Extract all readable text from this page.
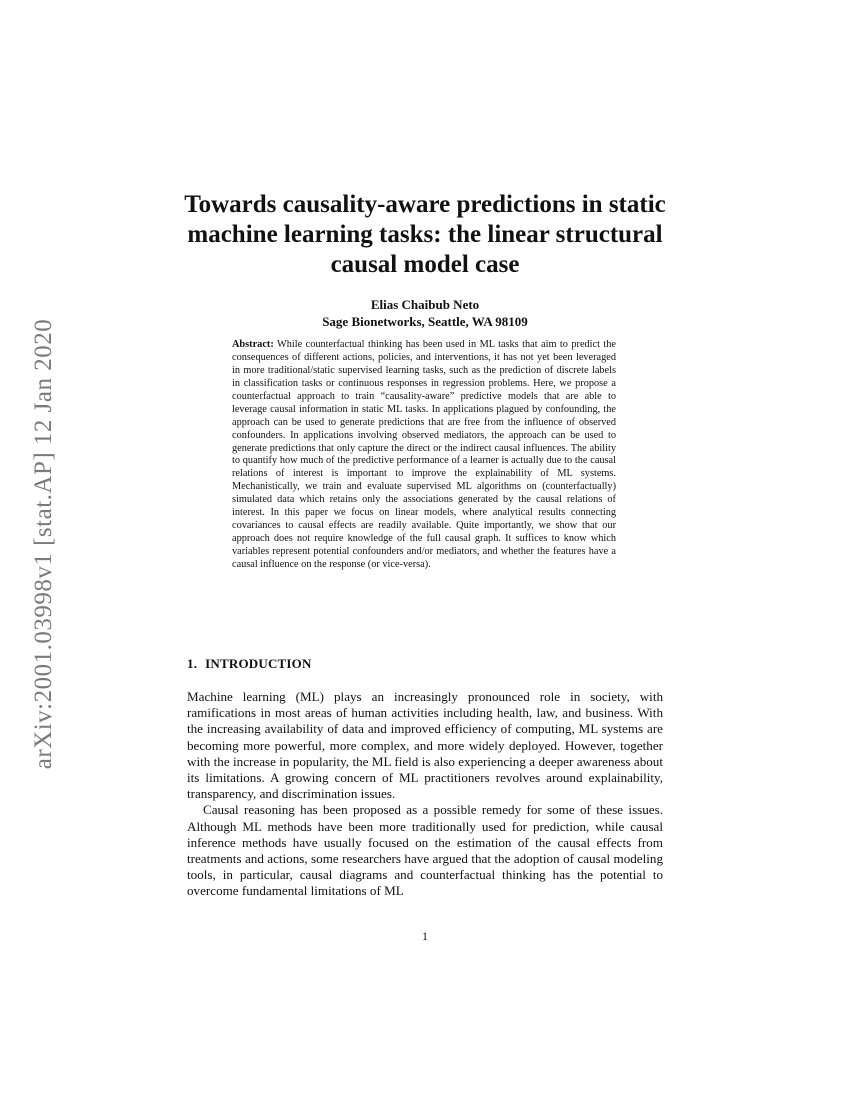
arXiv:2001.03998v1 [stat.AP] 12 Jan 2020
Towards causality-aware predictions in static machine learning tasks: the linear structural causal model case
Elias Chaibub Neto
Sage Bionetworks, Seattle, WA 98109
Abstract: While counterfactual thinking has been used in ML tasks that aim to predict the consequences of different actions, policies, and interventions, it has not yet been leveraged in more traditional/static supervised learning tasks, such as the prediction of discrete labels in classification tasks or continuous responses in regression problems. Here, we propose a counterfactual approach to train “causality-aware” predictive models that are able to leverage causal information in static ML tasks. In applications plagued by confounding, the approach can be used to generate predictions that are free from the influence of observed confounders. In applications involving observed mediators, the approach can be used to generate predictions that only capture the direct or the indirect causal influences. The ability to quantify how much of the predictive performance of a learner is actually due to the causal relations of interest is important to improve the explainability of ML systems. Mechanistically, we train and evaluate supervised ML algorithms on (counterfactually) simulated data which retains only the associations generated by the causal relations of interest. In this paper we focus on linear models, where analytical results connecting covariances to causal effects are readily available. Quite importantly, we show that our approach does not require knowledge of the full causal graph. It suffices to know which variables represent potential confounders and/or mediators, and whether the features have a causal influence on the response (or vice-versa).
1. INTRODUCTION

Machine learning (ML) plays an increasingly pronounced role in society, with ramifications in most areas of human activities including health, law, and business. With the increasing availability of data and improved efficiency of computing, ML systems are becoming more powerful, more complex, and more widely deployed. However, together with the increase in popularity, the ML field is also experiencing a deeper awareness about its limitations. A growing concern of ML practitioners revolves around explainability, transparency, and discrimination issues.

Causal reasoning has been proposed as a possible remedy for some of these issues. Although ML methods have been more traditionally used for prediction, while causal inference methods have usually focused on the estimation of the causal effects from treatments and actions, some researchers have argued that the adoption of causal modeling tools, in particular, causal diagrams and counterfactual thinking has the potential to overcome fundamental limitations of ML

1
